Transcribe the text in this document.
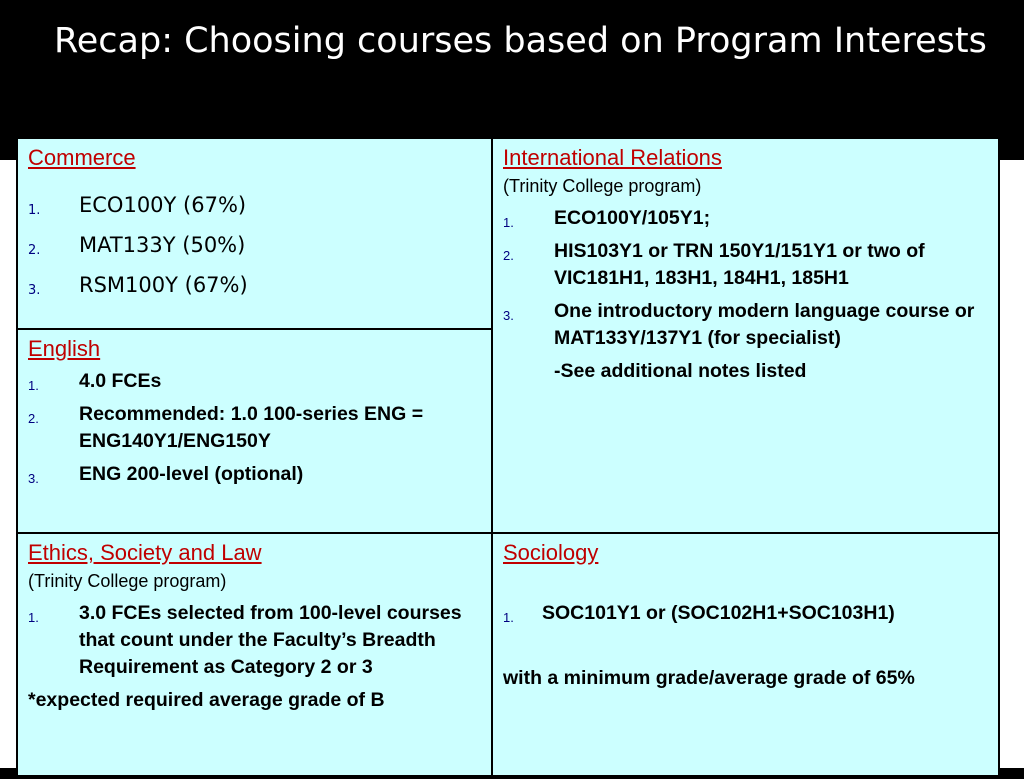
Recap: Choosing courses based on Program Interests
Commerce
1. ECO100Y (67%)
2. MAT133Y (50%)
3. RSM100Y (67%)
International Relations

(Trinity College program)

1. ECO100Y/105Y1;
2. HIS103Y1 or TRN 150Y1/151Y1 or two of VIC181H1, 183H1, 184H1, 185H1
3. One introductory modern language course or MAT133Y/137Y1 (for specialist)
-See additional notes listed
English
1. 4.0 FCEs
2. Recommended: 1.0 100-series ENG = ENG140Y1/ENG150Y
3. ENG 200-level (optional)
Ethics, Society and Law

(Trinity College program)

1. 3.0 FCEs selected from 100-level courses that count under the Faculty’s Breadth Requirement as Category 2 or 3
*expected required average grade of B
Sociology
1. SOC101Y1 or (SOC102H1+SOC103H1)
with a minimum grade/average grade of 65%
